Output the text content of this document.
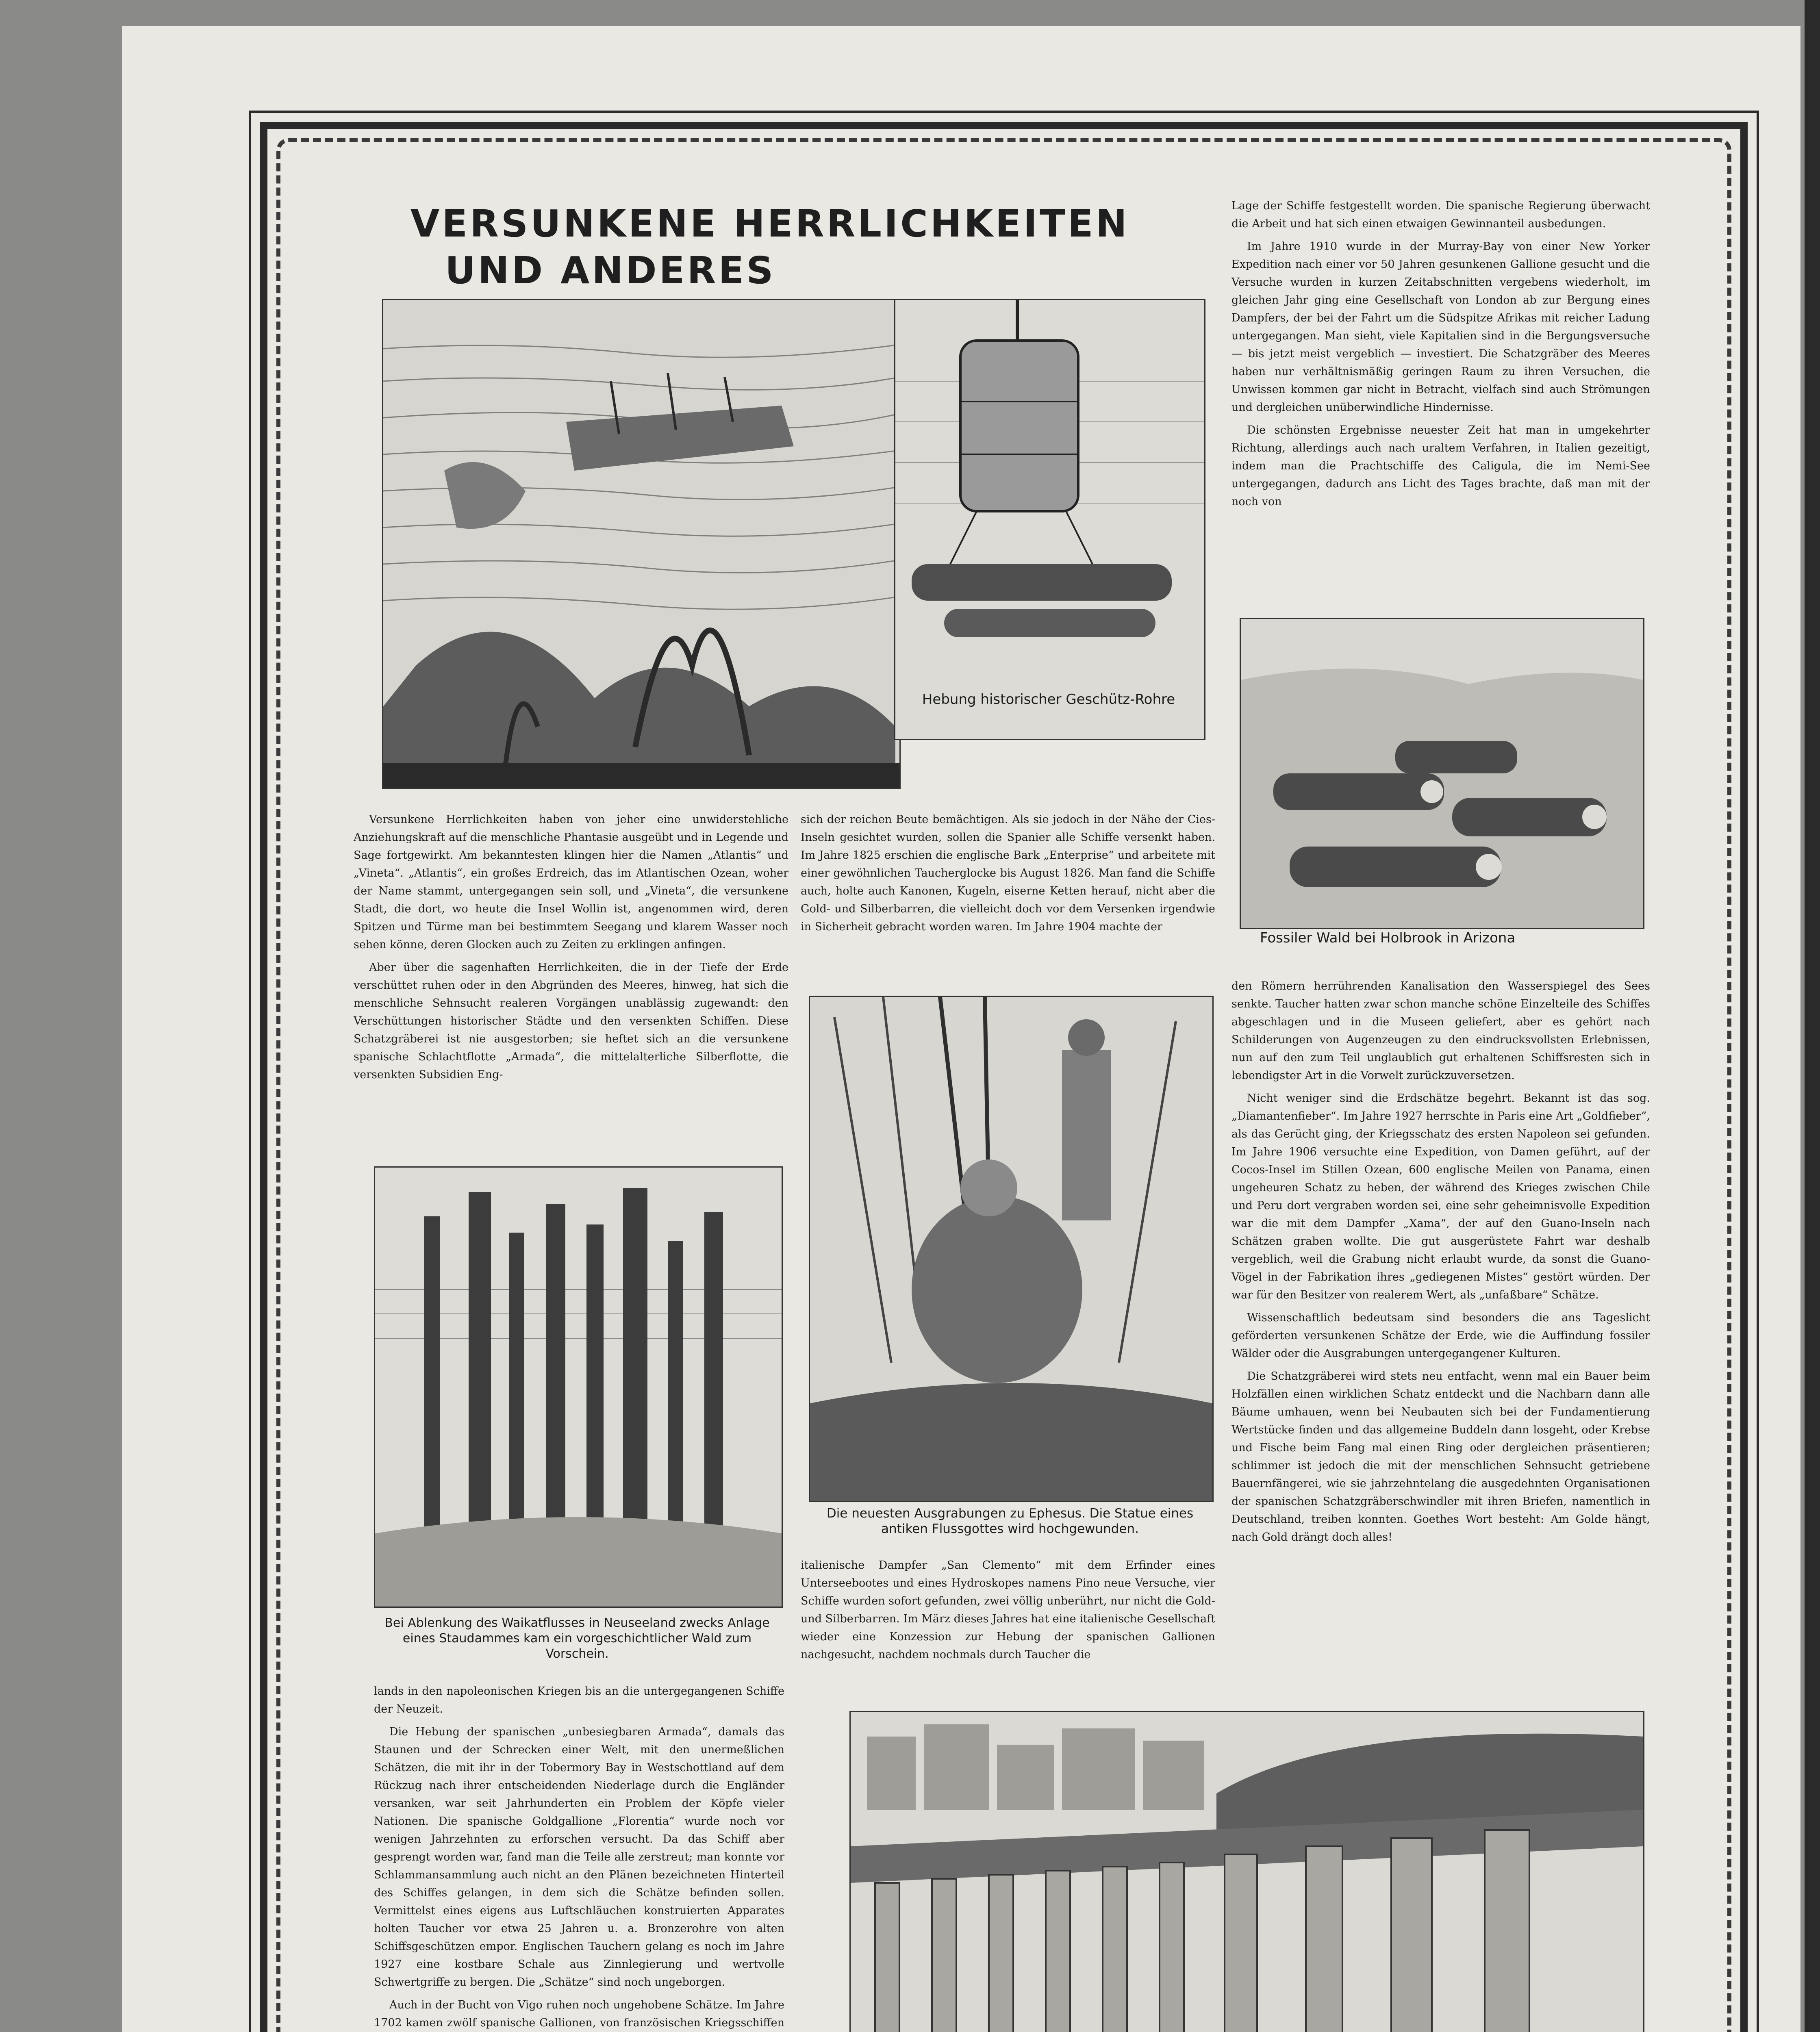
VERSUNKENE HERRLICHKEITEN
UND ANDERES
Hebung historischer Geschütz-Rohre

Versunkene Herrlichkeiten haben von jeher eine unwiderstehliche Anziehungskraft auf die menschliche Phantasie ausgeübt und in Legende und Sage fortgewirkt. Am bekanntesten klingen hier die Namen „Atlantis“ und „Vineta“. „Atlantis“, ein großes Erdreich, das im Atlantischen Ozean, woher der Name stammt, untergegangen sein soll, und „Vineta“, die versunkene Stadt, die dort, wo heute die Insel Wollin ist, angenommen wird, deren Spitzen und Türme man bei bestimmtem Seegang und klarem Wasser noch sehen könne, deren Glocken auch zu Zeiten zu erklingen anfingen.

Aber über die sagenhaften Herrlichkeiten, die in der Tiefe der Erde verschüttet ruhen oder in den Abgründen des Meeres, hinweg, hat sich die menschliche Sehnsucht realeren Vorgängen unablässig zugewandt: den Verschüttungen historischer Städte und den versenkten Schiffen. Diese Schatzgräberei ist nie ausgestorben; sie heftet sich an die versunkene spanische Schlachtflotte „Armada“, die mittelalterliche Silberflotte, die versenkten Subsidien Eng-

sich der reichen Beute bemächtigen. Als sie jedoch in der Nähe der Cies-Inseln gesichtet wurden, sollen die Spanier alle Schiffe versenkt haben. Im Jahre 1825 erschien die englische Bark „Enterprise“ und arbeitete mit einer gewöhnlichen Taucherglocke bis August 1826. Man fand die Schiffe auch, holte auch Kanonen, Kugeln, eiserne Ketten herauf, nicht aber die Gold- und Silberbarren, die vielleicht doch vor dem Versenken irgendwie in Sicherheit gebracht worden waren. Im Jahre 1904 machte der

Lage der Schiffe festgestellt worden. Die spanische Regierung überwacht die Arbeit und hat sich einen etwaigen Gewinnanteil ausbedungen.

Im Jahre 1910 wurde in der Murray-Bay von einer New Yorker Expedition nach einer vor 50 Jahren gesunkenen Gallione gesucht und die Versuche wurden in kurzen Zeitabschnitten vergebens wiederholt, im gleichen Jahr ging eine Gesellschaft von London ab zur Bergung eines Dampfers, der bei der Fahrt um die Südspitze Afrikas mit reicher Ladung untergegangen. Man sieht, viele Kapitalien sind in die Bergungsversuche — bis jetzt meist vergeblich — investiert. Die Schatzgräber des Meeres haben nur verhältnismäßig geringen Raum zu ihren Versuchen, die Unwissen kommen gar nicht in Betracht, vielfach sind auch Strömungen und dergleichen unüberwindliche Hindernisse.

Die schönsten Ergebnisse neuester Zeit hat man in umgekehrter Richtung, allerdings auch nach uraltem Verfahren, in Italien gezeitigt, indem man die Prachtschiffe des Caligula, die im Nemi-See untergegangen, dadurch ans Licht des Tages brachte, daß man mit der noch von

Fossiler Wald bei Holbrook in Arizona

den Römern herrührenden Kanalisation den Wasserspiegel des Sees senkte. Taucher hatten zwar schon manche schöne Einzelteile des Schiffes abgeschlagen und in die Museen geliefert, aber es gehört nach Schilderungen von Augenzeugen zu den eindrucksvollsten Erlebnissen, nun auf den zum Teil unglaublich gut erhaltenen Schiffsresten sich in lebendigster Art in die Vorwelt zurückzuversetzen.

Nicht weniger sind die Erdschätze begehrt. Bekannt ist das sog. „Diamantenfieber“. Im Jahre 1927 herrschte in Paris eine Art „Goldfieber“, als das Gerücht ging, der Kriegsschatz des ersten Napoleon sei gefunden. Im Jahre 1906 versuchte eine Expedition, von Damen geführt, auf der Cocos-Insel im Stillen Ozean, 600 englische Meilen von Panama, einen ungeheuren Schatz zu heben, der während des Krieges zwischen Chile und Peru dort vergraben worden sei, eine sehr geheimnisvolle Expedition war die mit dem Dampfer „Xama“, der auf den Guano-Inseln nach Schätzen graben wollte. Die gut ausgerüstete Fahrt war deshalb vergeblich, weil die Grabung nicht erlaubt wurde, da sonst die Guano-Vögel in der Fabrikation ihres „gediegenen Mistes“ gestört würden. Der war für den Besitzer von realerem Wert, als „unfaßbare“ Schätze.

Wissenschaftlich bedeutsam sind besonders die ans Tageslicht geförderten versunkenen Schätze der Erde, wie die Auffindung fossiler Wälder oder die Ausgrabungen untergegangener Kulturen.

Die Schatzgräberei wird stets neu entfacht, wenn mal ein Bauer beim Holzfällen einen wirklichen Schatz entdeckt und die Nachbarn dann alle Bäume umhauen, wenn bei Neubauten sich bei der Fundamentierung Wertstücke finden und das allgemeine Buddeln dann losgeht, oder Krebse und Fische beim Fang mal einen Ring oder dergleichen präsentieren; schlimmer ist jedoch die mit der menschlichen Sehnsucht getriebene Bauernfängerei, wie sie jahrzehntelang die ausgedehnten Organisationen der spanischen Schatzgräberschwindler mit ihren Briefen, namentlich in Deutschland, treiben konnten. Goethes Wort besteht: Am Golde hängt, nach Gold drängt doch alles!

Bei Ablenkung des Waikatflusses in Neuseeland zwecks Anlage eines Staudammes kam ein vorgeschichtlicher Wald zum Vorschein.
Die neuesten Ausgrabungen zu Ephesus. Die Statue eines antiken Flussgottes wird hochgewunden.

italienische Dampfer „San Clemento“ mit dem Erfinder eines Unterseebootes und eines Hydroskopes namens Pino neue Versuche, vier Schiffe wurden sofort gefunden, zwei völlig unberührt, nur nicht die Gold- und Silberbarren. Im März dieses Jahres hat eine italienische Gesellschaft wieder eine Konzession zur Hebung der spanischen Gallionen nachgesucht, nachdem nochmals durch Taucher die

lands in den napoleonischen Kriegen bis an die untergegangenen Schiffe der Neuzeit.

Die Hebung der spanischen „unbesiegbaren Armada“, damals das Staunen und der Schrecken einer Welt, mit den unermeßlichen Schätzen, die mit ihr in der Tobermory Bay in Westschottland auf dem Rückzug nach ihrer entscheidenden Niederlage durch die Engländer versanken, war seit Jahrhunderten ein Problem der Köpfe vieler Nationen. Die spanische Goldgallione „Florentia“ wurde noch vor wenigen Jahrzehnten zu erforschen versucht. Da das Schiff aber gesprengt worden war, fand man die Teile alle zerstreut; man konnte vor Schlammansammlung auch nicht an den Plänen bezeichneten Hinterteil des Schiffes gelangen, in dem sich die Schätze befinden sollen. Vermittelst eines eigens aus Luftschläuchen konstruierten Apparates holten Taucher vor etwa 25 Jahren u. a. Bronzerohre von alten Schiffsgeschützen empor. Englischen Tauchern gelang es noch im Jahre 1927 eine kostbare Schale aus Zinnlegierung und wertvolle Schwertgriffe zu bergen. Die „Schätze“ sind noch ungeborgen.

Auch in der Bucht von Vigo ruhen noch ungehobene Schätze. Im Jahre 1702 kamen zwölf spanische Gallionen, von französischen Kriegsschiffen
